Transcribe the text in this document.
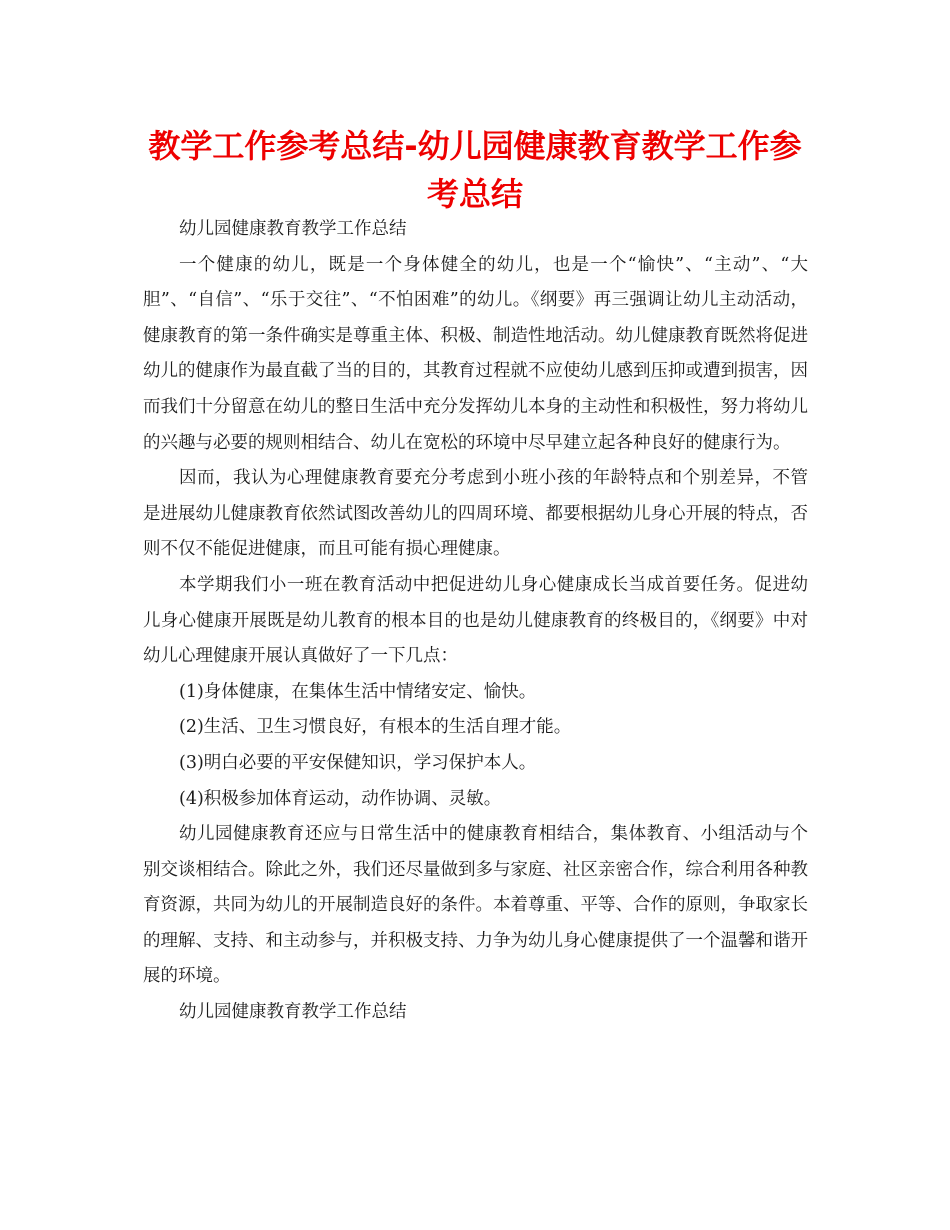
教学工作参考总结-幼儿园健康教育教学工作参考总结

幼儿园健康教育教学工作总结

一个健康的幼儿，既是一个身体健全的幼儿，也是一个“愉快”、“主动”、“大胆”、“自信”、“乐于交往”、“不怕困难”的幼儿。《纲要》再三强调让幼儿主动活动，健康教育的第一条件确实是尊重主体、积极、制造性地活动。幼儿健康教育既然将促进幼儿的健康作为最直截了当的目的，其教育过程就不应使幼儿感到压抑或遭到损害，因而我们十分留意在幼儿的整日生活中充分发挥幼儿本身的主动性和积极性，努力将幼儿的兴趣与必要的规则相结合、幼儿在宽松的环境中尽早建立起各种良好的健康行为。

因而，我认为心理健康教育要充分考虑到小班小孩的年龄特点和个别差异，不管是进展幼儿健康教育依然试图改善幼儿的四周环境、都要根据幼儿身心开展的特点，否则不仅不能促进健康，而且可能有损心理健康。

本学期我们小一班在教育活动中把促进幼儿身心健康成长当成首要任务。促进幼儿身心健康开展既是幼儿教育的根本目的也是幼儿健康教育的终极目的，《纲要》中对幼儿心理健康开展认真做好了一下几点：

(1)身体健康，在集体生活中情绪安定、愉快。

(2)生活、卫生习惯良好，有根本的生活自理才能。

(3)明白必要的平安保健知识，学习保护本人。

(4)积极参加体育运动，动作协调、灵敏。

幼儿园健康教育还应与日常生活中的健康教育相结合，集体教育、小组活动与个别交谈相结合。除此之外，我们还尽量做到多与家庭、社区亲密合作，综合利用各种教育资源，共同为幼儿的开展制造良好的条件。本着尊重、平等、合作的原则，争取家长的理解、支持、和主动参与，并积极支持、力争为幼儿身心健康提供了一个温馨和谐开展的环境。

幼儿园健康教育教学工作总结
